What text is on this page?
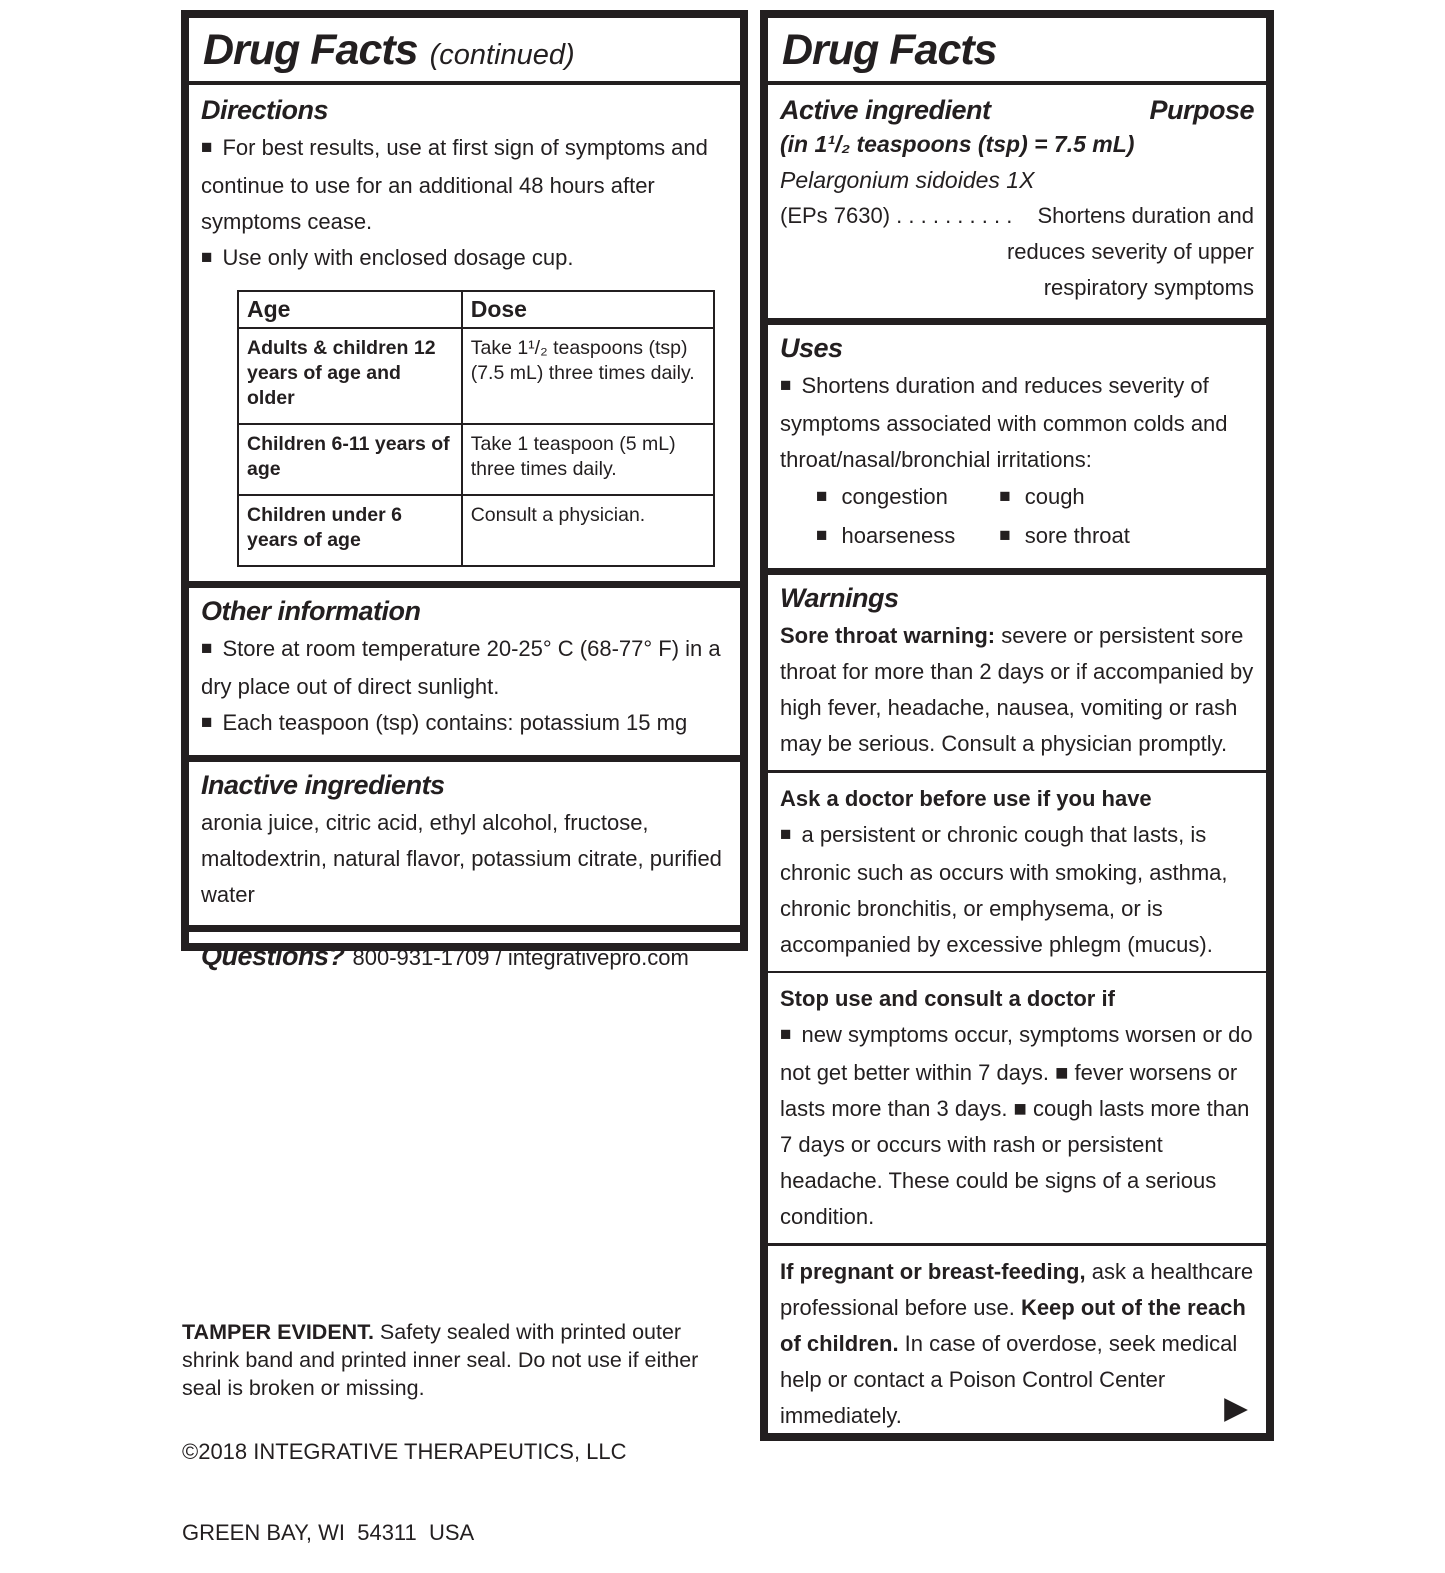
Drug Facts (continued)
Directions

■ For best results, use at first sign of symptoms and continue to use for an additional 48 hours after symptoms cease.

■ Use only with enclosed dosage cup.

Age	Dose
Adults & children 12 years of age and older	Take 1¹/₂ teaspoons (tsp) (7.5 mL) three times daily.
Children 6-11 years of age	Take 1 teaspoon (5 mL) three times daily.
Children under 6 years of age	Consult a physician.
Other information

■ Store at room temperature 20-25° C (68-77° F) in a dry place out of direct sunlight.

■ Each teaspoon (tsp) contains: potassium 15 mg

Inactive ingredients

aronia juice, citric acid, ethyl alcohol, fructose, maltodextrin, natural flavor, potassium citrate, purified water

Questions? 800-931-1709 / integrativepro.com

Drug Facts
Active ingredient	Purpose
(in 1¹/₂ teaspoons (tsp) = 7.5 mL)
Pelargonium sidoides 1X
(EPs 7630) . . . . . . . . . . Shortens duration and
reduces severity of upper
respiratory symptoms
Uses

■ Shortens duration and reduces severity of symptoms associated with common colds and throat/nasal/bronchial irritations:

■ congestion	■ cough
■ hoarseness ■ sore throat
Warnings

Sore throat warning: severe or persistent sore throat for more than 2 days or if accompanied by high fever, headache, nausea, vomiting or rash may be serious. Consult a physician promptly.

Ask a doctor before use if you have
■ a persistent or chronic cough that lasts, is chronic such as occurs with smoking, asthma, chronic bronchitis, or emphysema, or is accompanied by excessive phlegm (mucus).

Stop use and consult a doctor if
■ new symptoms occur, symptoms worsen or do not get better within 7 days. ■ fever worsens or lasts more than 3 days. ■ cough lasts more than 7 days or occurs with rash or persistent headache. These could be signs of a serious condition.

If pregnant or breast-feeding, ask a healthcare professional before use. Keep out of the reach of children. In case of overdose, seek medical help or contact a Poison Control Center immediately.	▶

TAMPER EVIDENT. Safety sealed with printed outer shrink band and printed inner seal. Do not use if either seal is broken or missing.

©2018 INTEGRATIVE THERAPEUTICS, LLC

GREEN BAY, WI  54311  USA
